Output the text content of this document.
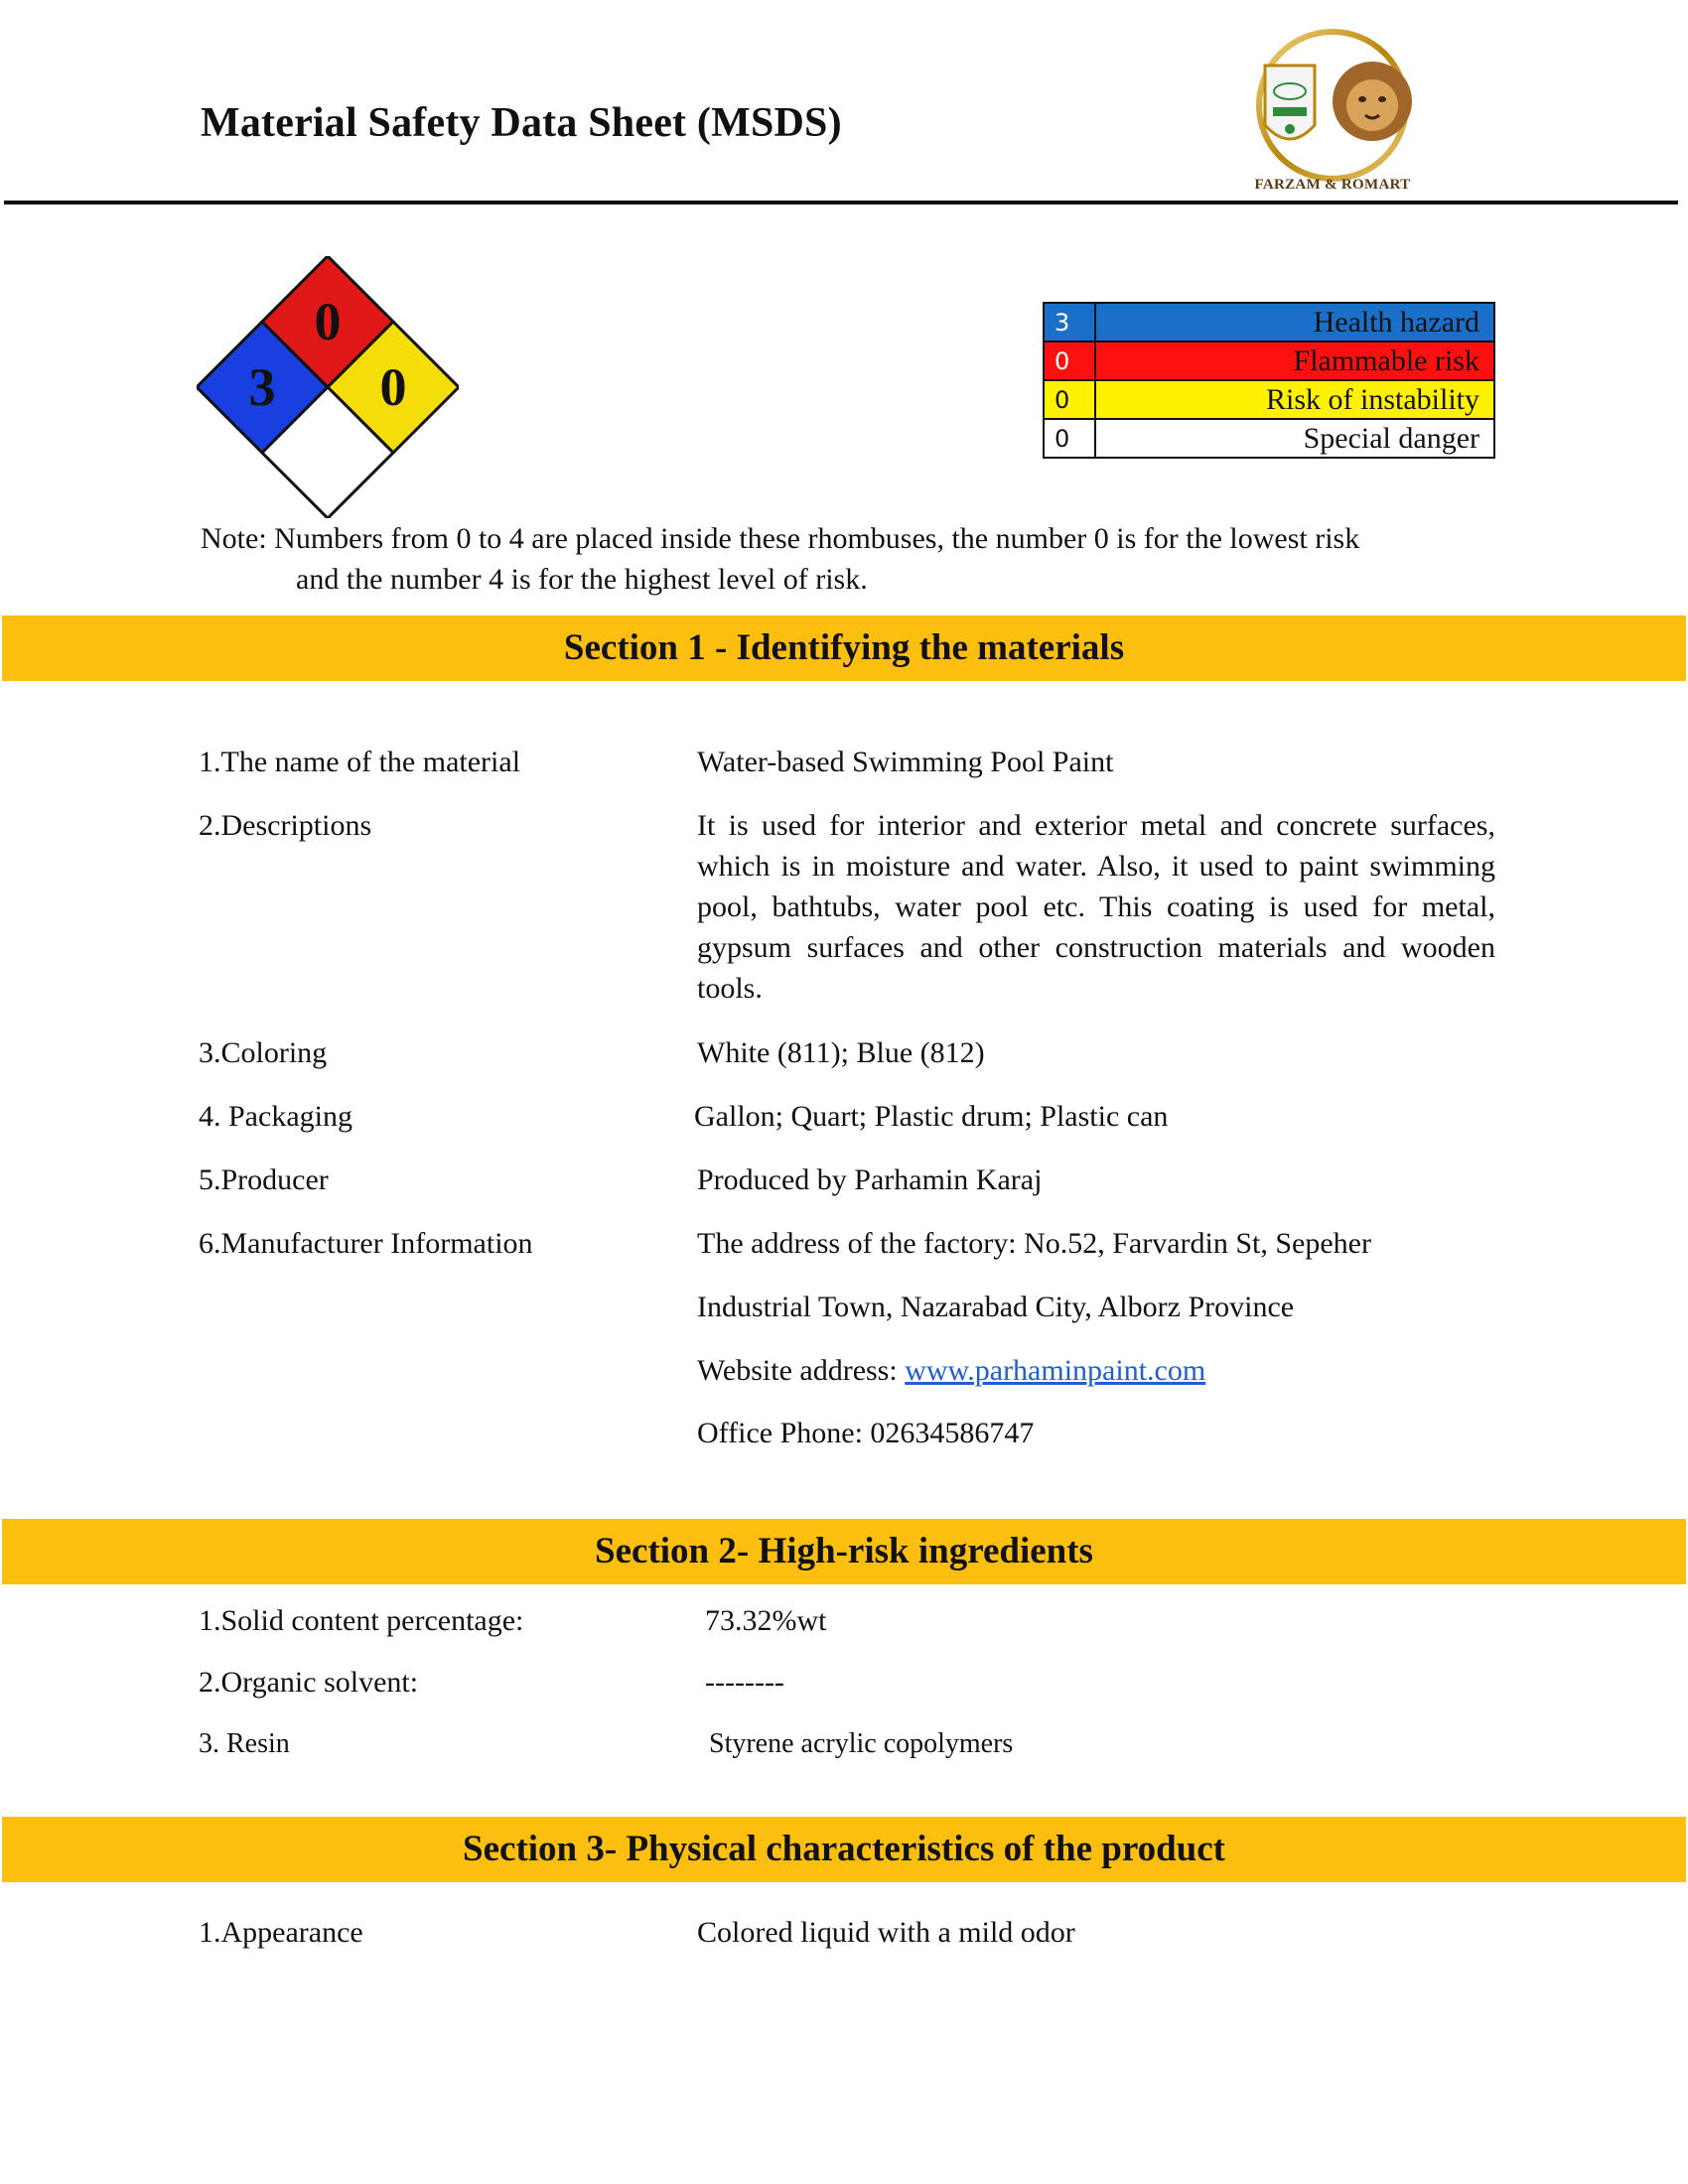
Material Safety Data Sheet (MSDS)
FARZAM & ROMART
3
0
0
3	Health hazard
0	Flammable risk
0	Risk of instability
0	Special danger
Note: Numbers from 0 to 4 are placed inside these rhombuses, the number 0 is for the lowest risk
and the number 4 is for the highest level of risk.
Section 1 - Identifying the materials
1.The name of the material	Water-based Swimming Pool Paint
2.Descriptions	It is used for interior and exterior metal and concrete surfaces, which is in moisture and water. Also, it used to paint swimming pool, bathtubs, water pool etc. This coating is used for metal, gypsum surfaces and other construction materials and wooden tools.
3.Coloring	White (811); Blue (812)
4. Packaging	Gallon; Quart; Plastic drum; Plastic can
5.Producer	Produced by Parhamin Karaj
6.Manufacturer Information	The address of the factory: No.52, Farvardin St, Sepeher
Industrial Town, Nazarabad City, Alborz Province
Website address: www.parhaminpaint.com
Office Phone: 02634586747
Section 2- High-risk ingredients
1.Solid content percentage:	73.32%wt
2.Organic solvent:	--------
3. Resin	Styrene acrylic copolymers
Section 3- Physical characteristics of the product
1.Appearance	Colored liquid with a mild odor
